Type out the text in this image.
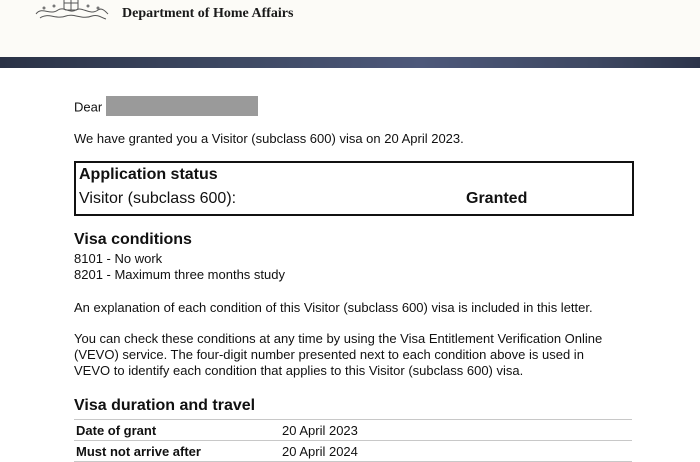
Department of Home Affairs
Dear
We have granted you a Visitor (subclass 600) visa on 20 April 2023.
Application status
Visitor (subclass 600):	Granted
Visa conditions
8101 - No work
8201 - Maximum three months study
An explanation of each condition of this Visitor (subclass 600) visa is included in this letter.
You can check these conditions at any time by using the Visa Entitlement Verification Online
(VEVO) service. The four-digit number presented next to each condition above is used in
VEVO to identify each condition that applies to this Visitor (subclass 600) visa.
Visa duration and travel
Date of grant	20 April 2023
Must not arrive after	20 April 2024
